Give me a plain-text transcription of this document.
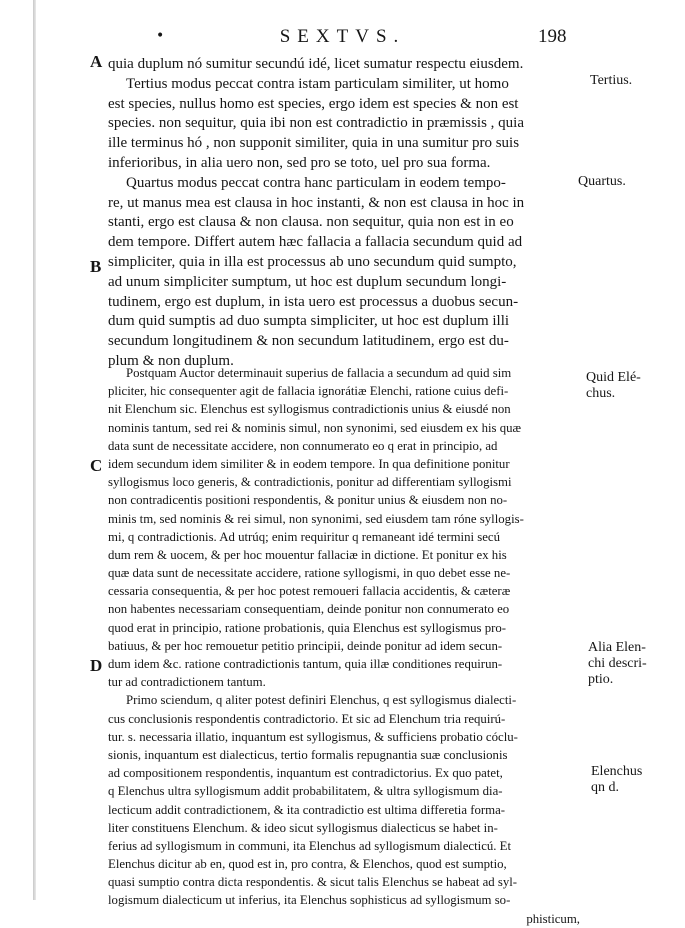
•	SEXTVS.	198
A
B
C
D
Tertius.
Quartus.
Quid Elé-
chus.
Alia Elen-
chi descri-
ptio.
Elenchus
qn d.
quia duplum nó sumitur secundú idé, licet sumatur respectu eiusdem.
Tertius modus peccat contra istam particulam similiter, ut homo
est species, nullus homo est species, ergo idem est species & non est
species. non sequitur, quia ibi non est contradictio in præmissis , quia
ille terminus hó , non supponit similiter, quia in una sumitur pro suis
inferioribus, in alia uero non, sed pro se toto, uel pro sua forma.
Quartus modus peccat contra hanc particulam in eodem tempo-
re, ut manus mea est clausa in hoc instanti, & non est clausa in hoc in
stanti, ergo est clausa & non clausa. non sequitur, quia non est in eo
dem tempore. Differt autem hæc fallacia a fallacia secundum quid ad
simpliciter, quia in illa est processus ab uno secundum quid sumpto,
ad unum simpliciter sumptum, ut hoc est duplum secundum longi-
tudinem, ergo est duplum, in ista uero est processus a duobus secun-
dum quid sumptis ad duo sumpta simpliciter, ut hoc est duplum illi
secundum longitudinem & non secundum latitudinem, ergo est du-
plum & non duplum.
Postquam Auctor determinauit superius de fallacia a secundum ad quid sim
pliciter, hic consequenter agit de fallacia ignorátiæ Elenchi, ratione cuius defi-
nit Elenchum sic. Elenchus est syllogismus contradictionis unius & eiusdé non
nominis tantum, sed rei & nominis simul, non synonimi, sed eiusdem ex his quæ
data sunt de necessitate accidere, non connumerato eo q erat in principio, ad
idem secundum idem similiter & in eodem tempore. In qua definitione ponitur
syllogismus loco generis, & contradictionis, ponitur ad differentiam syllogismi
non contradicentis positioni respondentis, & ponitur unius & eiusdem non no-
minis tm, sed nominis & rei simul, non synonimi, sed eiusdem tam róne syllogis-
mi, q contradictionis. Ad utrúq; enim requiritur q remaneant idé termini secú
dum rem & uocem, & per hoc mouentur fallaciæ in dictione. Et ponitur ex his
quæ data sunt de necessitate accidere, ratione syllogismi, in quo debet esse ne-
cessaria consequentia, & per hoc potest remoueri fallacia accidentis, & cæteræ
non habentes necessariam consequentiam, deinde ponitur non connumerato eo
quod erat in principio, ratione probationis, quia Elenchus est syllogismus pro-
batiuus, & per hoc remouetur petitio principii, deinde ponitur ad idem secun-
dum idem &c. ratione contradictionis tantum, quia illæ conditiones requirun-
tur ad contradictionem tantum.
Primo sciendum, q aliter potest definiri Elenchus, q est syllogismus dialecti-
cus conclusionis respondentis contradictorio. Et sic ad Elenchum tria requirú-
tur. s. necessaria illatio, inquantum est syllogismus, & sufficiens probatio cóclu-
sionis, inquantum est dialecticus, tertio formalis repugnantia suæ conclusionis
ad compositionem respondentis, inquantum est contradictorius. Ex quo patet,
q Elenchus ultra syllogismum addit probabilitatem, & ultra syllogismum dia-
lecticum addit contradictionem, & ita contradictio est ultima differetia forma-
liter constituens Elenchum. & ideo sicut syllogismus dialecticus se habet in-
ferius ad syllogismum in communi, ita Elenchus ad syllogismum dialecticú. Et
Elenchus dicitur ab en, quod est in, pro contra, & Elenchos, quod est sumptio,
quasi sumptio contra dicta respondentis. & sicut talis Elenchus se habeat ad syl-
logismum dialecticum ut inferius, ita Elenchus sophisticus ad syllogismum so-
phisticum,
